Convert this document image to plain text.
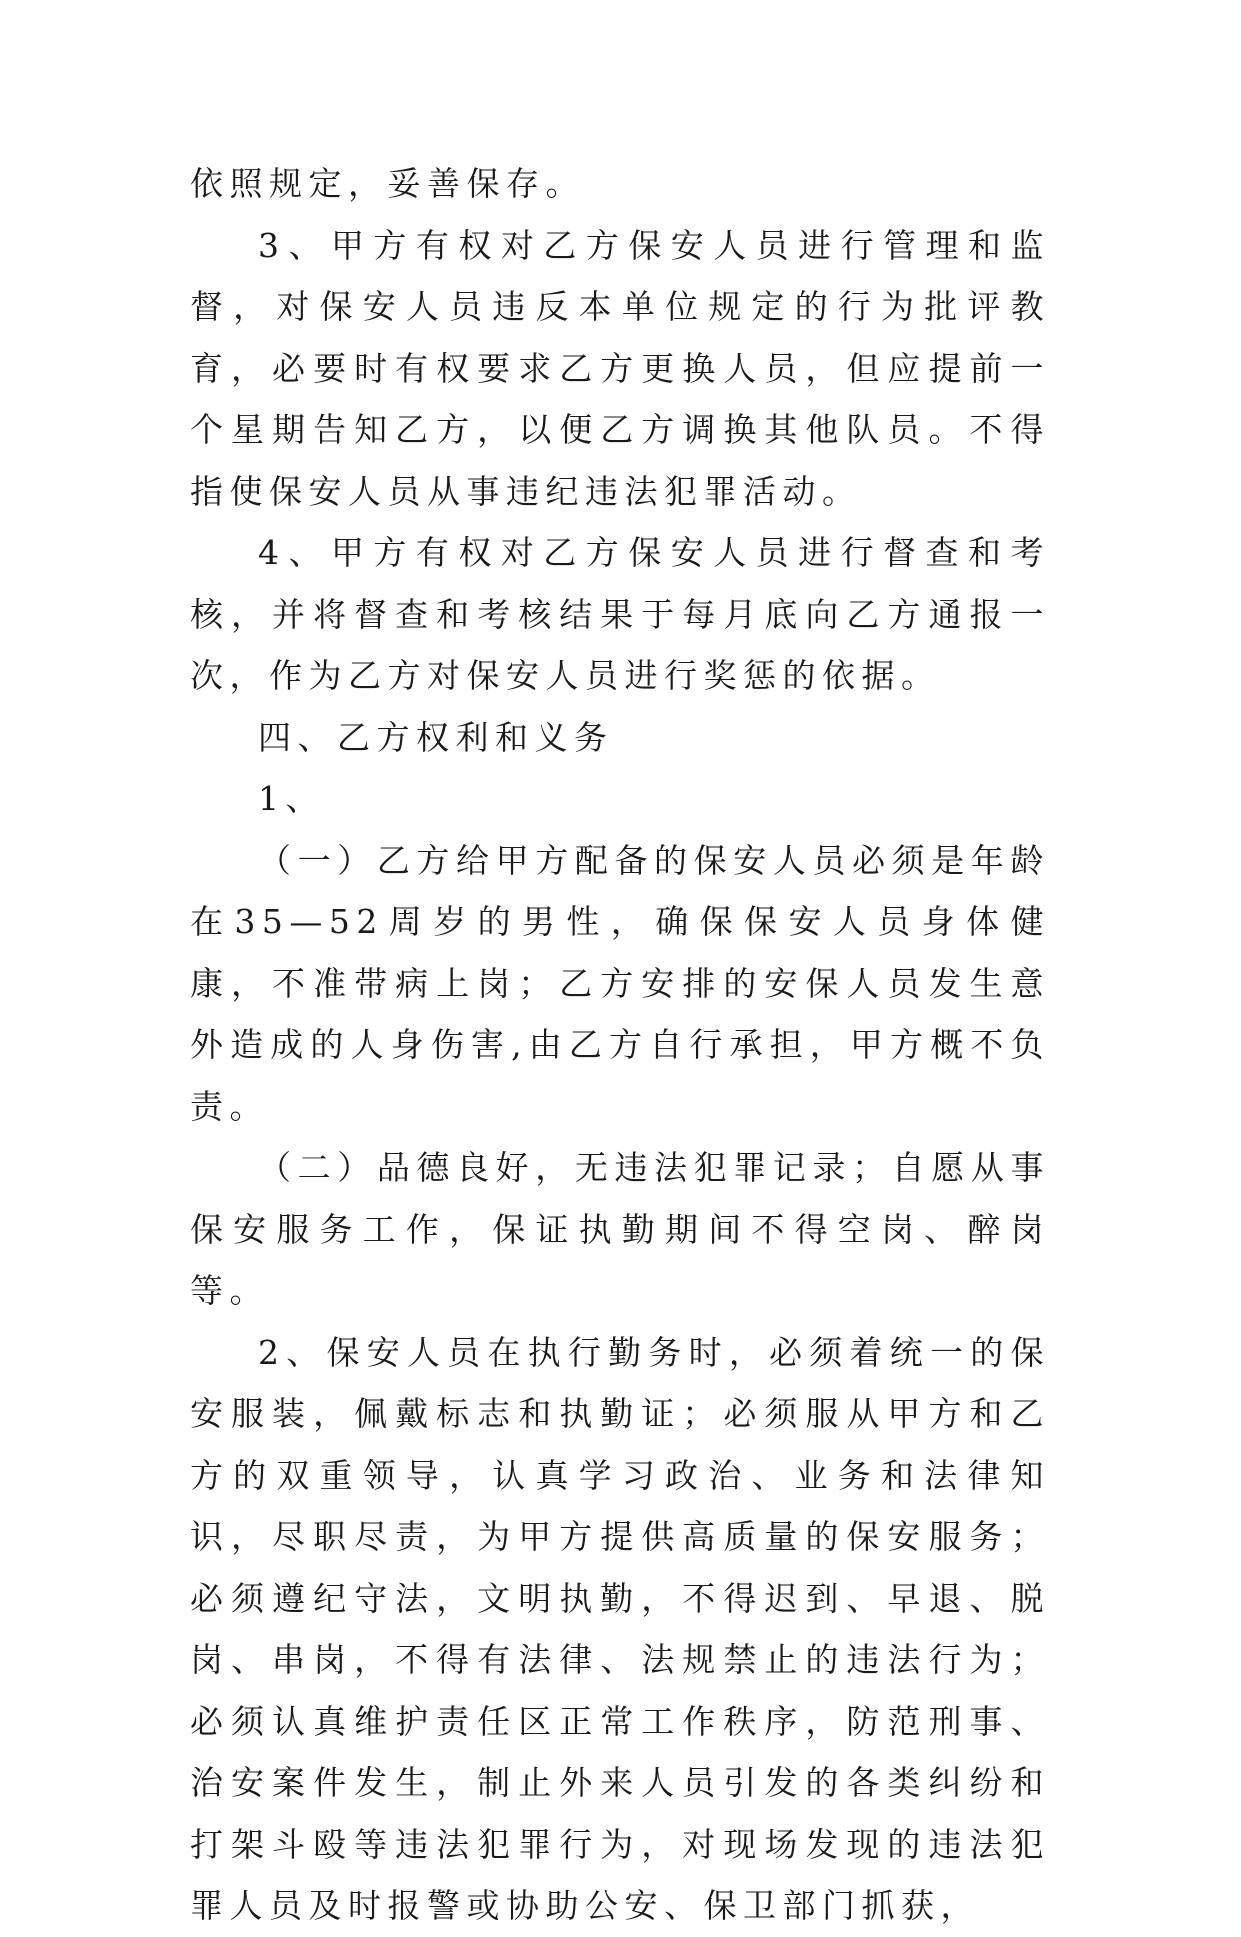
依照规定，妥善保存。

3、甲方有权对乙方保安人员进行管理和监督，对保安人员违反本单位规定的行为批评教育，必要时有权要求乙方更换人员，但应提前一个星期告知乙方，以便乙方调换其他队员。不得指使保安人员从事违纪违法犯罪活动。

4、甲方有权对乙方保安人员进行督查和考核，并将督查和考核结果于每月底向乙方通报一次，作为乙方对保安人员进行奖惩的依据。

四、乙方权利和义务

1、

（一）乙方给甲方配备的保安人员必须是年龄在35—52周岁的男性，确保保安人员身体健康，不准带病上岗；乙方安排的安保人员发生意外造成的人身伤害,由乙方自行承担，甲方概不负责。

（二）品德良好，无违法犯罪记录；自愿从事保安服务工作，保证执勤期间不得空岗、醉岗等。

2、保安人员在执行勤务时，必须着统一的保安服装，佩戴标志和执勤证；必须服从甲方和乙方的双重领导，认真学习政治、业务和法律知识，尽职尽责，为甲方提供高质量的保安服务；必须遵纪守法，文明执勤，不得迟到、早退、脱岗、串岗，不得有法律、法规禁止的违法行为；必须认真维护责任区正常工作秩序，防范刑事、治安案件发生，制止外来人员引发的各类纠纷和打架斗殴等违法犯罪行为，对现场发现的违法犯罪人员及时报警或协助公安、保卫部门抓获，
